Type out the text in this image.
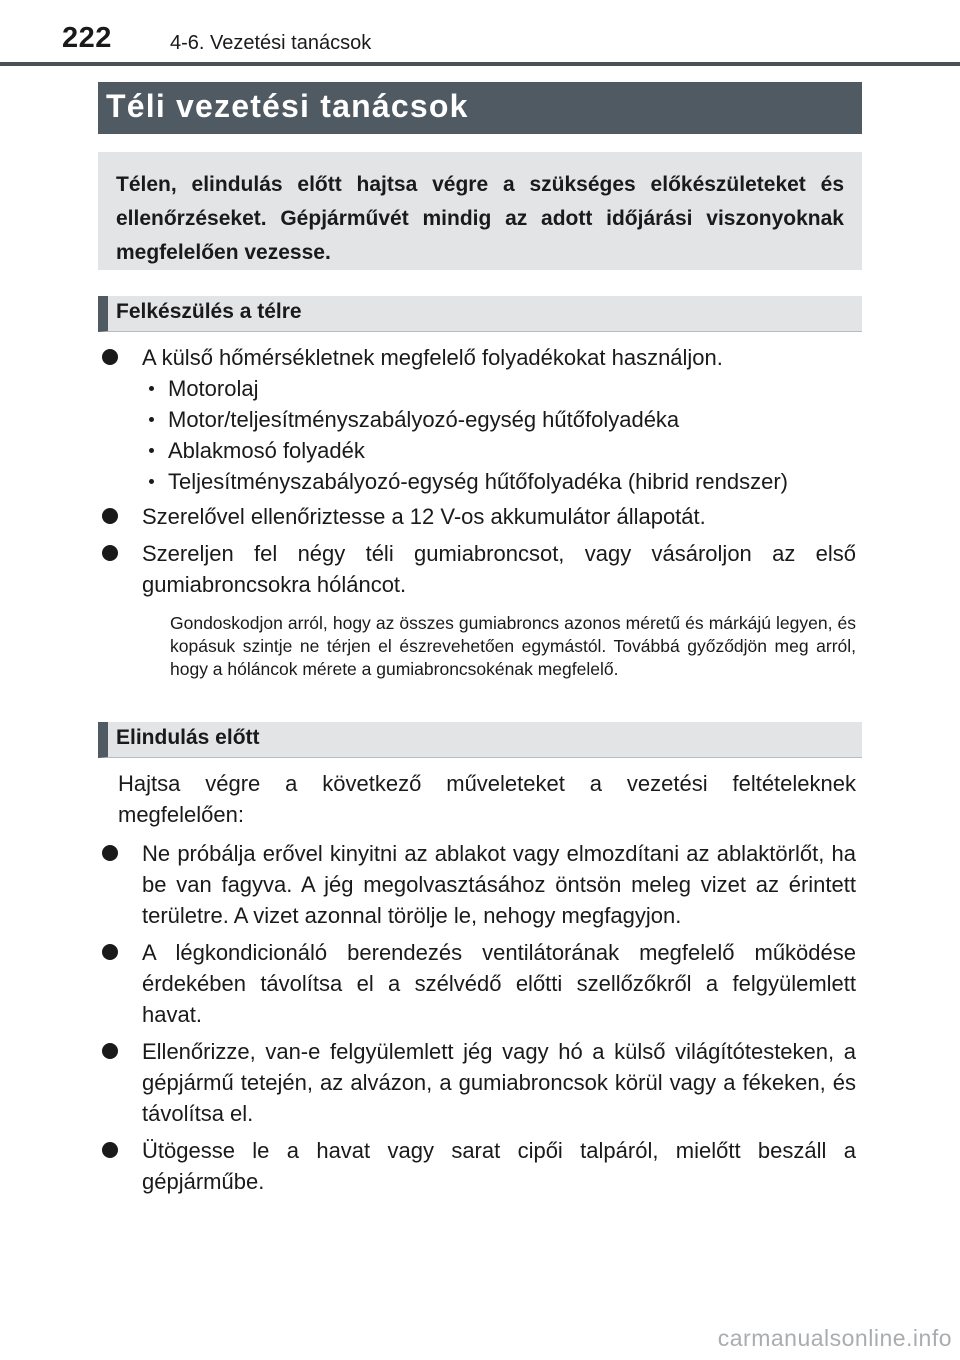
222	4-6. Vezetési tanácsok
Téli vezetési tanácsok

Télen, elindulás előtt hajtsa végre a szükséges előkészületeket és ellenőrzéseket. Gépjárművét mindig az adott időjárási viszonyoknak megfelelően vezesse.

Felkészülés a télre
A külső hőmérsékletnek megfelelő folyadékokat használjon.
Motorolaj
Motor/teljesítményszabályozó-egység hűtőfolyadéka
Ablakmosó folyadék
Teljesítményszabályozó-egység hűtőfolyadéka (hibrid rendszer)
Szerelővel ellenőriztesse a 12 V-os akkumulátor állapotát.
Szereljen fel négy téli gumiabroncsot, vagy vásároljon az első gumiabroncsokra hóláncot.
Gondoskodjon arról, hogy az összes gumiabroncs azonos méretű és márkájú legyen, és kopásuk szintje ne térjen el észrevehetően egymástól. Továbbá győződjön meg arról, hogy a hóláncok mérete a gumiabroncsokénak megfelelő.
Elindulás előtt
Hajtsa végre a következő műveleteket a vezetési feltételeknek megfelelően:
Ne próbálja erővel kinyitni az ablakot vagy elmozdítani az ablaktörlőt, ha be van fagyva. A jég megolvasztásához öntsön meleg vizet az érintett területre. A vizet azonnal törölje le, nehogy megfagyjon.
A légkondicionáló berendezés ventilátorának megfelelő működése érdekében távolítsa el a szélvédő előtti szellőzőkről a felgyülemlett havat.
Ellenőrizze, van-e felgyülemlett jég vagy hó a külső világítótesteken, a gépjármű tetején, az alvázon, a gumiabroncsok körül vagy a fékeken, és távolítsa el.
Ütögesse le a havat vagy sarat cipői talpáról, mielőtt beszáll a gépjárműbe.
carmanualsonline.info
